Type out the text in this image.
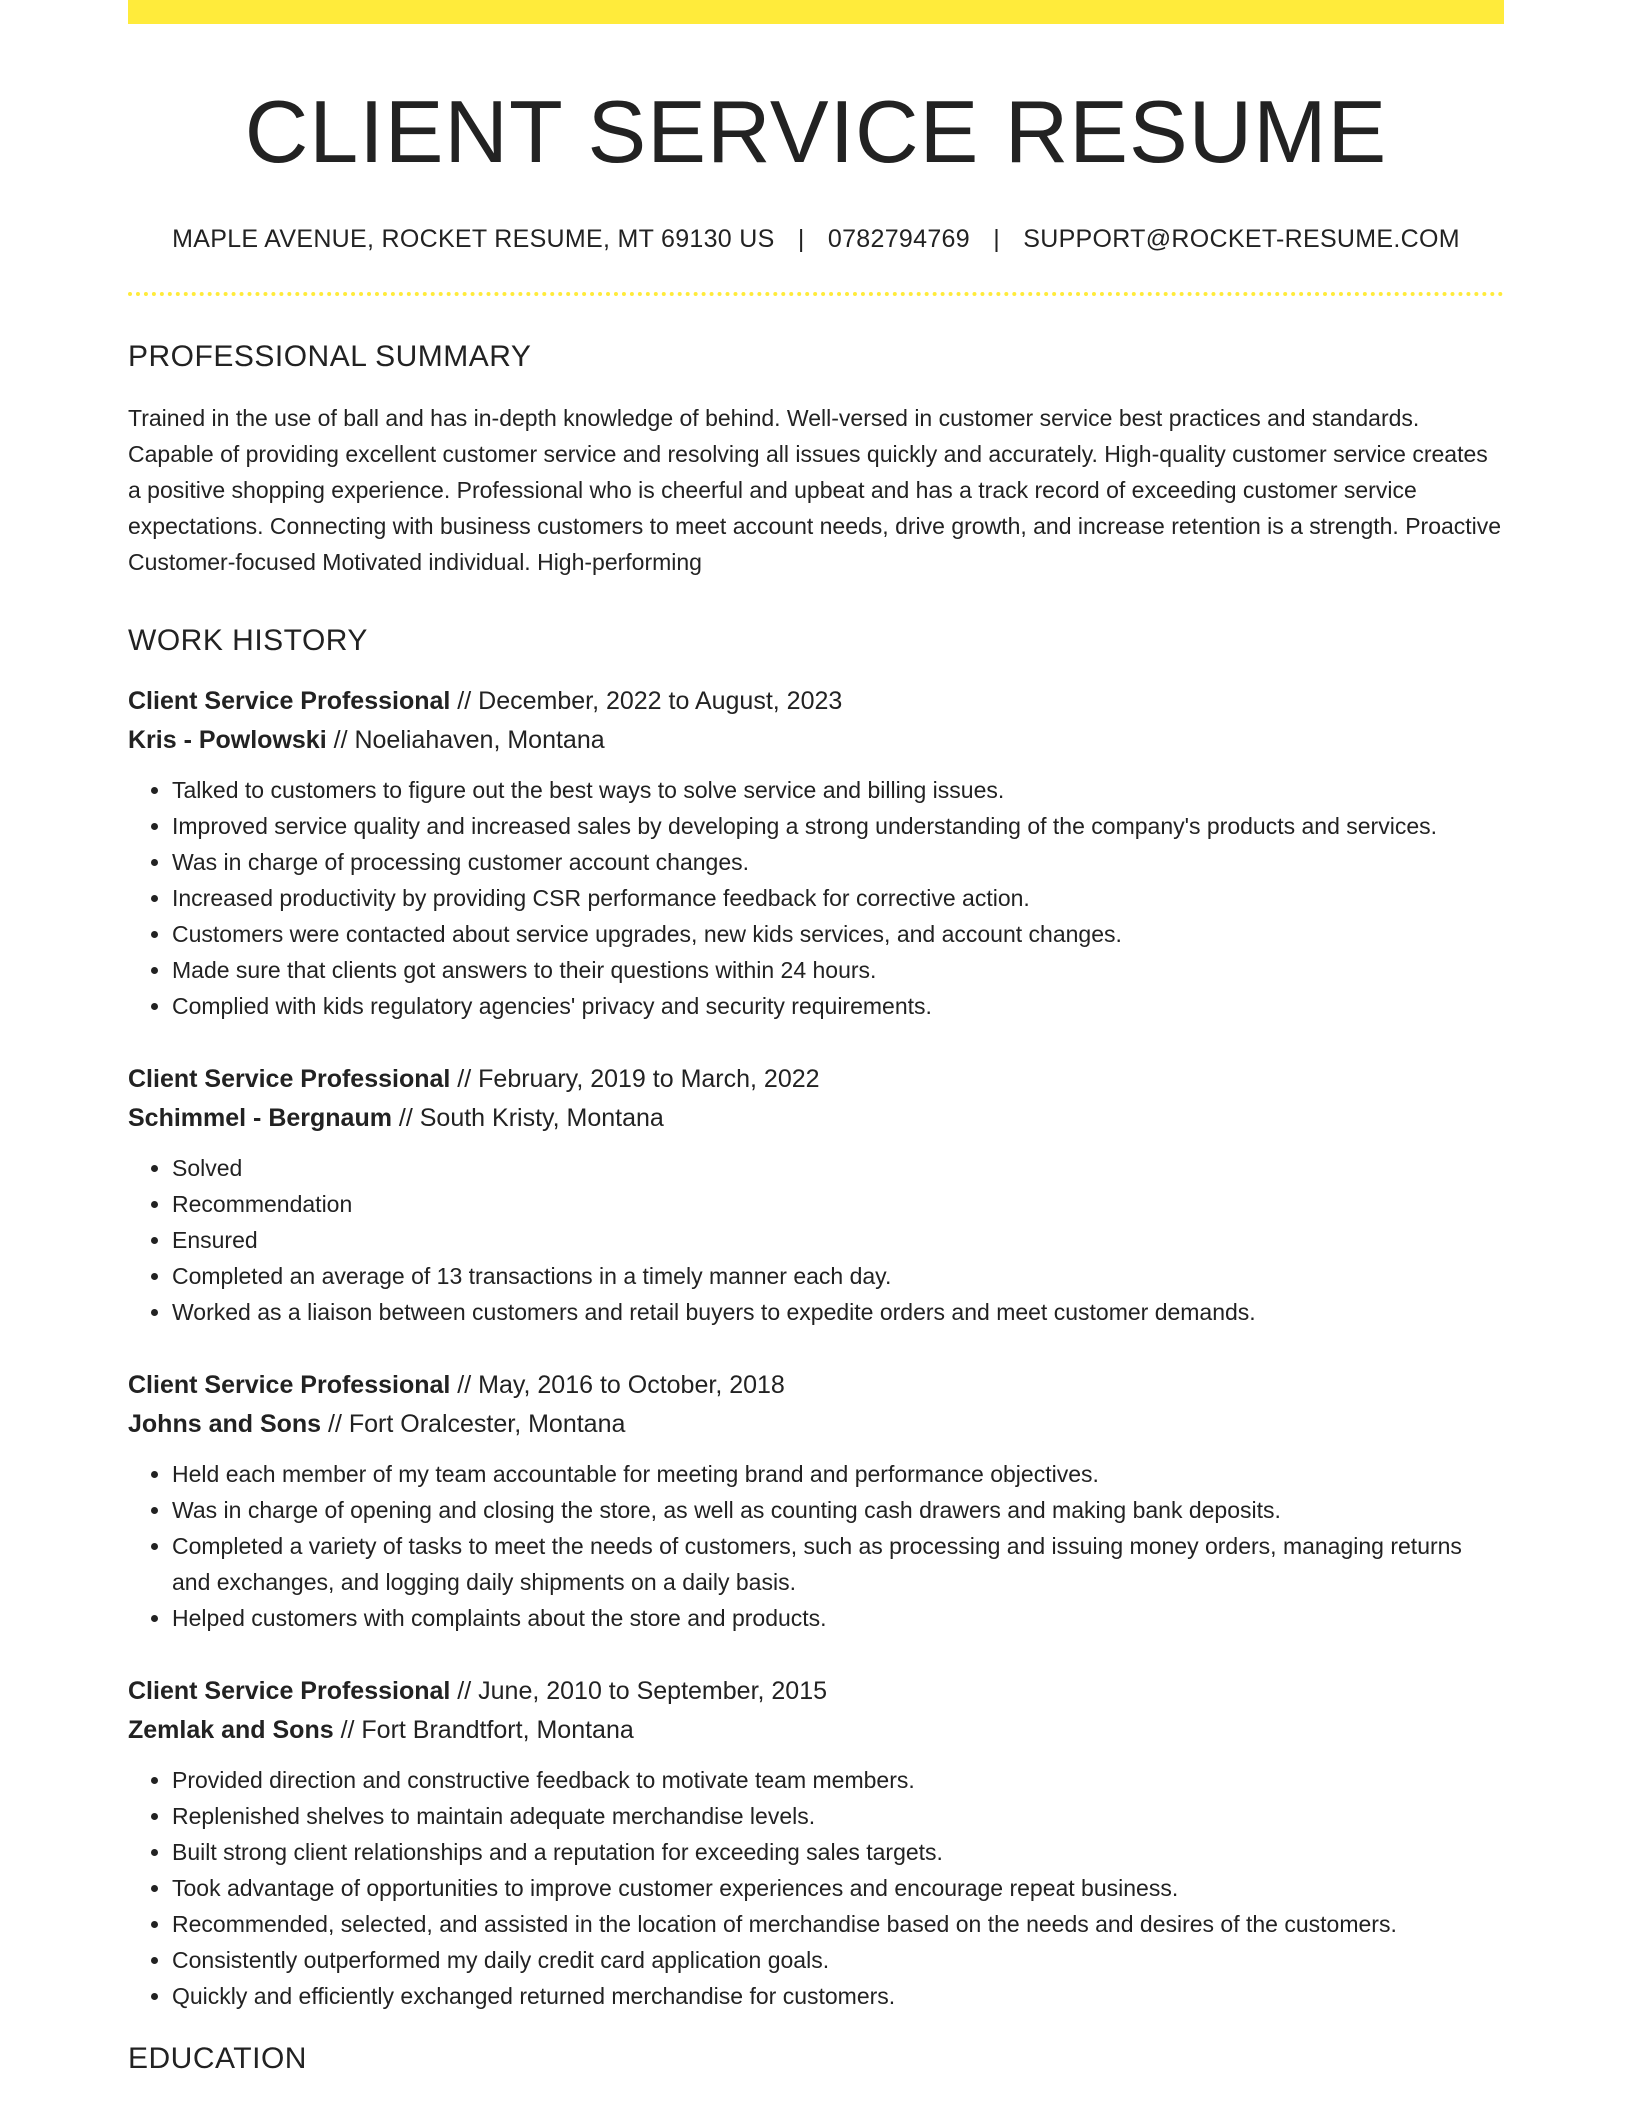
CLIENT SERVICE RESUME
MAPLE AVENUE, ROCKET RESUME, MT 69130 US | 0782794769 | SUPPORT@ROCKET-RESUME.COM
PROFESSIONAL SUMMARY
Trained in the use of ball and has in-depth knowledge of behind. Well-versed in customer service best practices and standards. Capable of providing excellent customer service and resolving all issues quickly and accurately. High-quality customer service creates a positive shopping experience. Professional who is cheerful and upbeat and has a track record of exceeding customer service expectations. Connecting with business customers to meet account needs, drive growth, and increase retention is a strength. Proactive Customer-focused Motivated individual. High-performing
WORK HISTORY
Client Service Professional // December, 2022 to August, 2023
Kris - Powlowski // Noeliahaven, Montana
• Talked to customers to figure out the best ways to solve service and billing issues.
• Improved service quality and increased sales by developing a strong understanding of the company's products and services.
• Was in charge of processing customer account changes.
• Increased productivity by providing CSR performance feedback for corrective action.
• Customers were contacted about service upgrades, new kids services, and account changes.
• Made sure that clients got answers to their questions within 24 hours.
• Complied with kids regulatory agencies' privacy and security requirements.
Client Service Professional // February, 2019 to March, 2022
Schimmel - Bergnaum // South Kristy, Montana
• Solved
• Recommendation
• Ensured
• Completed an average of 13 transactions in a timely manner each day.
• Worked as a liaison between customers and retail buyers to expedite orders and meet customer demands.
Client Service Professional // May, 2016 to October, 2018
Johns and Sons // Fort Oralcester, Montana
• Held each member of my team accountable for meeting brand and performance objectives.
• Was in charge of opening and closing the store, as well as counting cash drawers and making bank deposits.
• Completed a variety of tasks to meet the needs of customers, such as processing and issuing money orders, managing returns and exchanges, and logging daily shipments on a daily basis.
• Helped customers with complaints about the store and products.
Client Service Professional // June, 2010 to September, 2015
Zemlak and Sons // Fort Brandtfort, Montana
• Provided direction and constructive feedback to motivate team members.
• Replenished shelves to maintain adequate merchandise levels.
• Built strong client relationships and a reputation for exceeding sales targets.
• Took advantage of opportunities to improve customer experiences and encourage repeat business.
• Recommended, selected, and assisted in the location of merchandise based on the needs and desires of the customers.
• Consistently outperformed my daily credit card application goals.
• Quickly and efficiently exchanged returned merchandise for customers.
EDUCATION
